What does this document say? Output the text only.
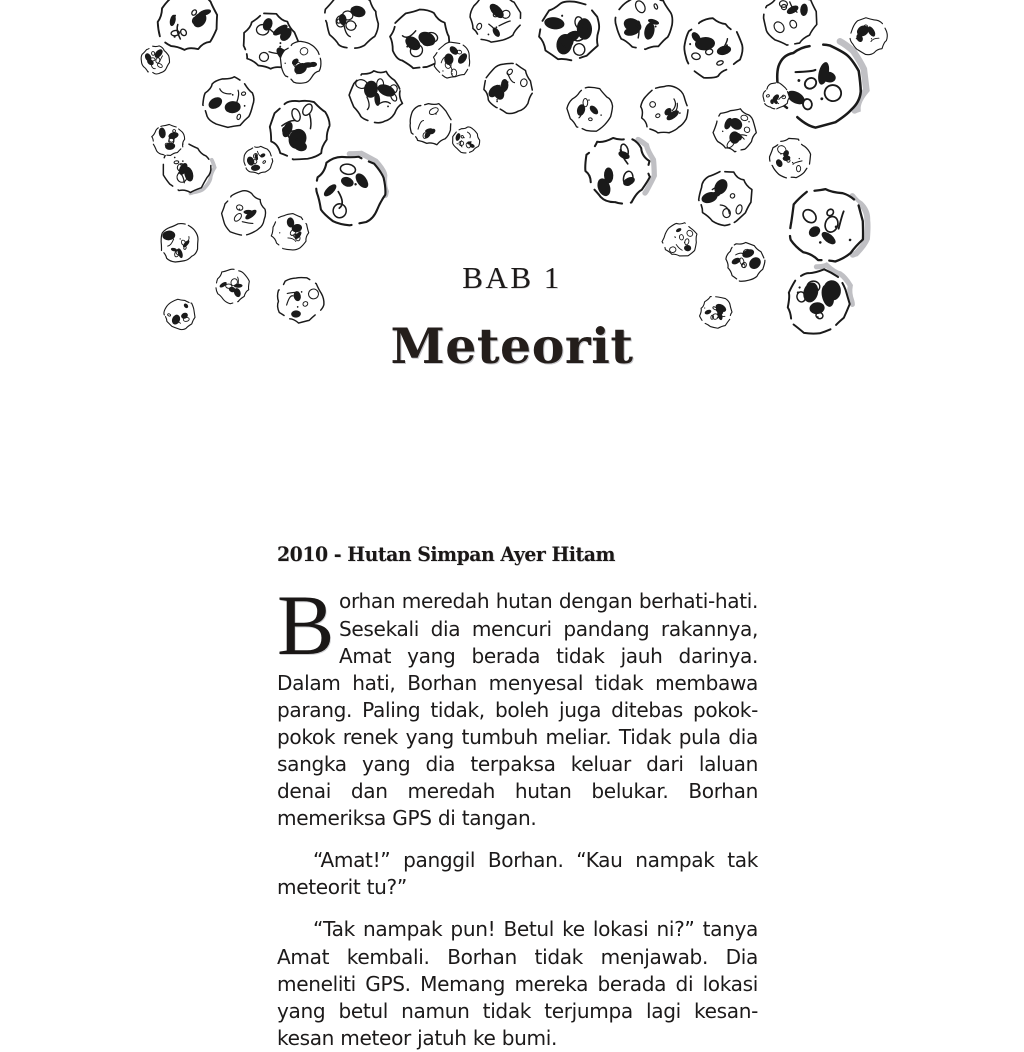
BAB 1
Meteorit
2010 - Hutan Simpan Ayer Hitam

Borhan meredah hutan dengan berhati-hati. Sesekali dia mencuri pandang rakannya, Amat yang berada tidak jauh darinya. Dalam hati, Borhan menyesal tidak membawa parang. Paling tidak, boleh juga ditebas pokok-pokok renek yang tumbuh meliar. Tidak pula dia sangka yang dia terpaksa keluar dari laluan denai dan meredah hutan belukar. Borhan memeriksa GPS di tangan.

“Amat!” panggil Borhan. “Kau nampak tak meteorit tu?”

“Tak nampak pun! Betul ke lokasi ni?” tanya Amat kembali. Borhan tidak menjawab. Dia meneliti GPS. Memang mereka berada di lokasi yang betul namun tidak terjumpa lagi kesan-kesan meteor jatuh ke bumi.
